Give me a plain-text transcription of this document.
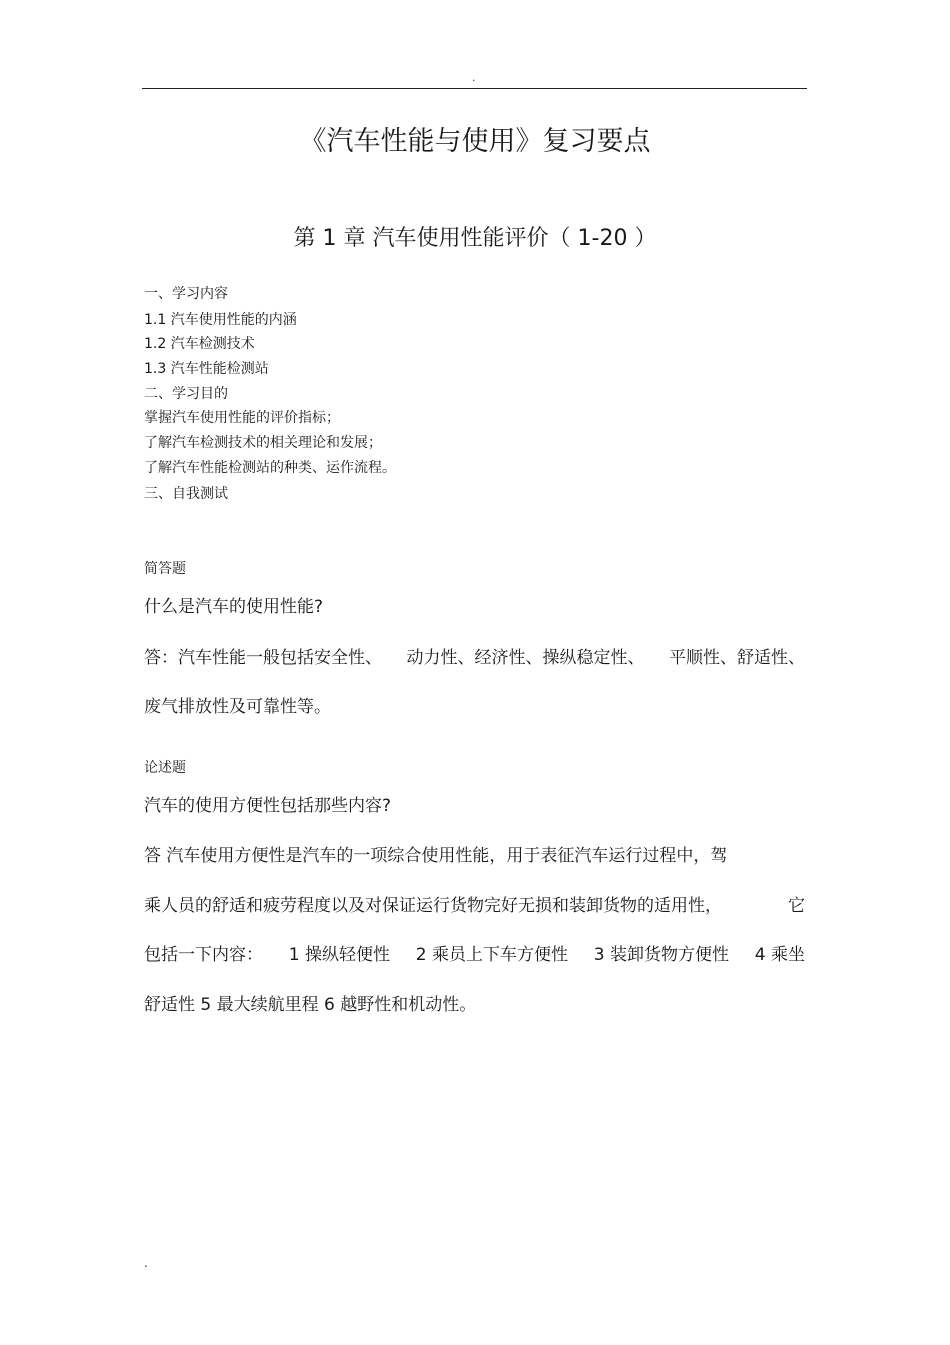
.
《汽车性能与使用》复习要点
第 1 章 汽车使用性能评价（ 1-20 ）
一、学习内容
1.1 汽车使用性能的内涵
1.2 汽车检测技术
1.3 汽车性能检测站
二、学习目的
掌握汽车使用性能的评价指标；
了解汽车检测技术的相关理论和发展；
了解汽车性能检测站的种类、运作流程。
三、自我测试
简答题
什么是汽车的使用性能?
答：汽车性能一般包括安全性、 动力性、经济性、操纵稳定性、 平顺性、舒适性、
废气排放性及可靠性等。
论述题
汽车的使用方便性包括那些内容?
答 汽车使用方便性是汽车的一项综合使用性能，用于表征汽车运行过程中，驾
乘人员的舒适和疲劳程度以及对保证运行货物完好无损和装卸货物的适用性，	它
包括一下内容： 1 操纵轻便性 2 乘员上下车方便性 3 装卸货物方便性 4 乘坐
舒适性 5 最大续航里程 6 越野性和机动性。
.
